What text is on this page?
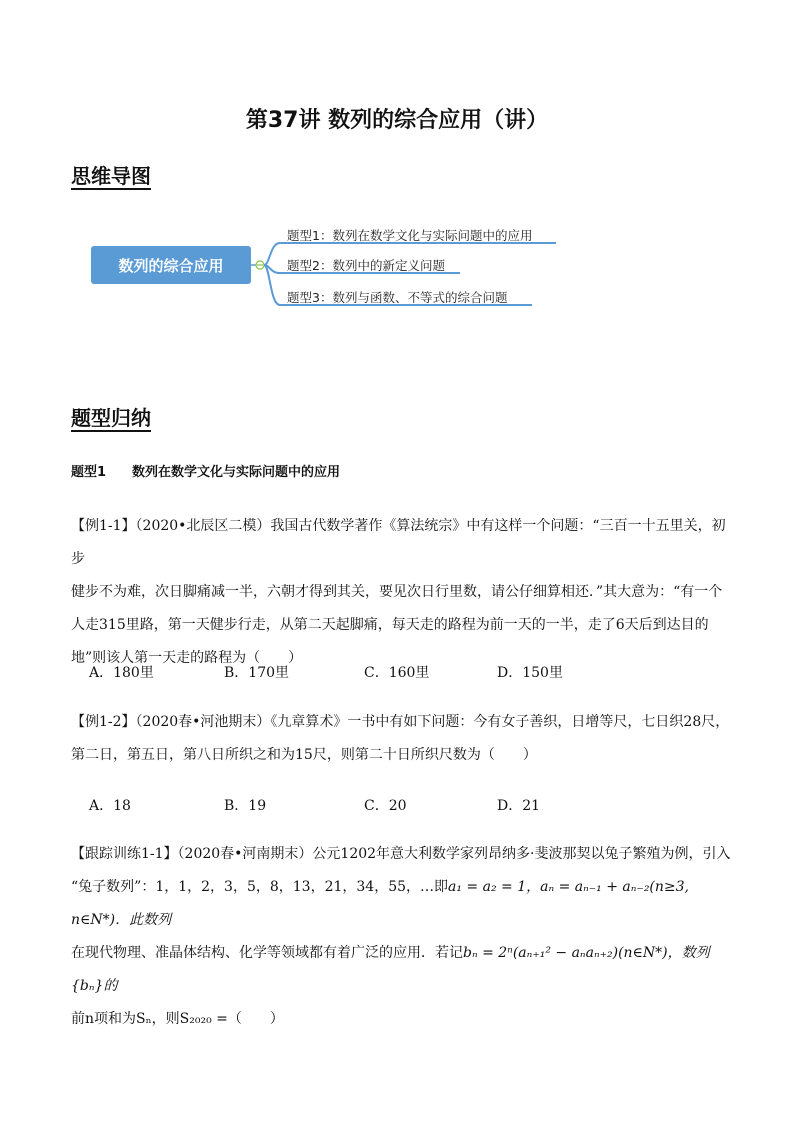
第37讲 数列的综合应用（讲）
思维导图
数列的综合应用
题型1：数列在数学文化与实际问题中的应用
题型2：数列中的新定义问题
题型3：数列与函数、不等式的综合问题
题型归纳
题型1 数列在数学文化与实际问题中的应用
【例1-1】（2020•北辰区二模）我国古代数学著作《算法统宗》中有这样一个问题：“三百一十五里关，初步
健步不为难，次日脚痛减一半，六朝才得到其关，要见次日行里数，请公仔细算相还．”其大意为：“有一个
人走315里路，第一天健步行走，从第二天起脚痛，每天走的路程为前一天的一半，走了6天后到达目的
地”则该人第一天走的路程为（　　）
A．180里	B．170里	C．160里	D．150里
【例1-2】（2020春•河池期末）《九章算术》一书中有如下问题：今有女子善织，日增等尺，七日织28尺，
第二日，第五日，第八日所织之和为15尺，则第二十日所织尺数为（　　）
A．18	B．19	C．20	D．21
【跟踪训练1-1】（2020春•河南期末）公元1202年意大利数学家列昂纳多·斐波那契以兔子繁殖为例，引入
“兔子数列”：1，1，2，3，5，8，13，21，34，55，…即a₁ = a₂ = 1，aₙ = aₙ₋₁ + aₙ₋₂(n≥3, n∈N*)．此数列
在现代物理、准晶体结构、化学等领域都有着广泛的应用．若记bₙ = 2ⁿ(aₙ₊₁² − aₙaₙ₊₂)(n∈N*)，数列{bₙ}的
前n项和为Sₙ，则S₂₀₂₀ =（　　）
